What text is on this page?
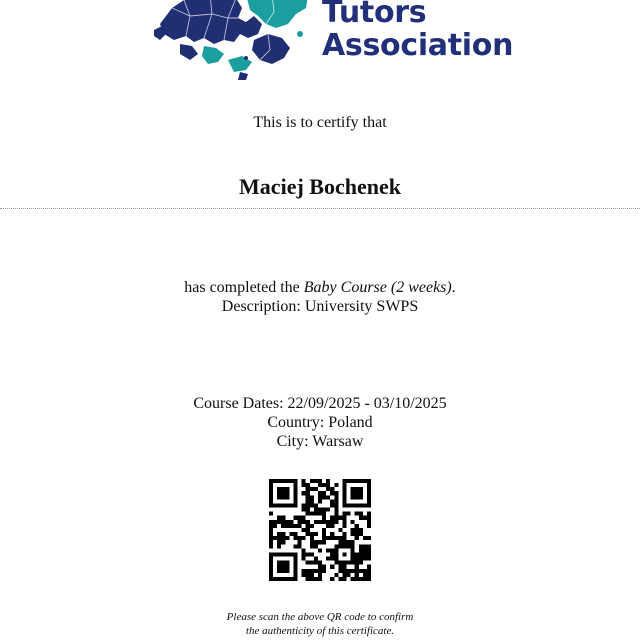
Tutors
Association
This is to certify that
Maciej Bochenek
has completed the Baby Course (2 weeks).
Description: University SWPS
Course Dates: 22/09/2025 - 03/10/2025
Country: Poland
City: Warsaw
Please scan the above QR code to confirm
the authenticity of this certificate.
